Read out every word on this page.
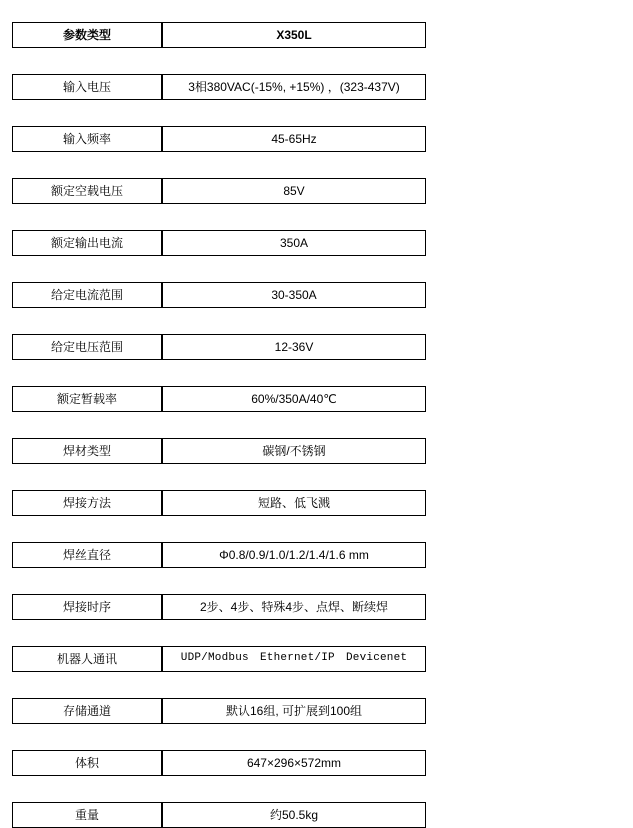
参数类型	X350L

输入电压	3相380VAC(-15%, +15%) ，(323-437V)

输入频率	45-65Hz

额定空载电压	85V

额定输出电流	350A

给定电流范围	30-350A

给定电压范围	12-36V

额定暂载率	60%/350A/40℃

焊材类型	碳钢/不锈钢

焊接方法	短路、低飞溅

焊丝直径	Φ0.8/0.9/1.0/1.2/1.4/1.6 mm

焊接时序	2步、4步、特殊4步、点焊、断续焊

机器人通讯	UDP/Modbus　Ethernet/IP　Devicenet

存储通道	默认16组, 可扩展到100组

体积	647×296×572mm

重量	约50.5kg
